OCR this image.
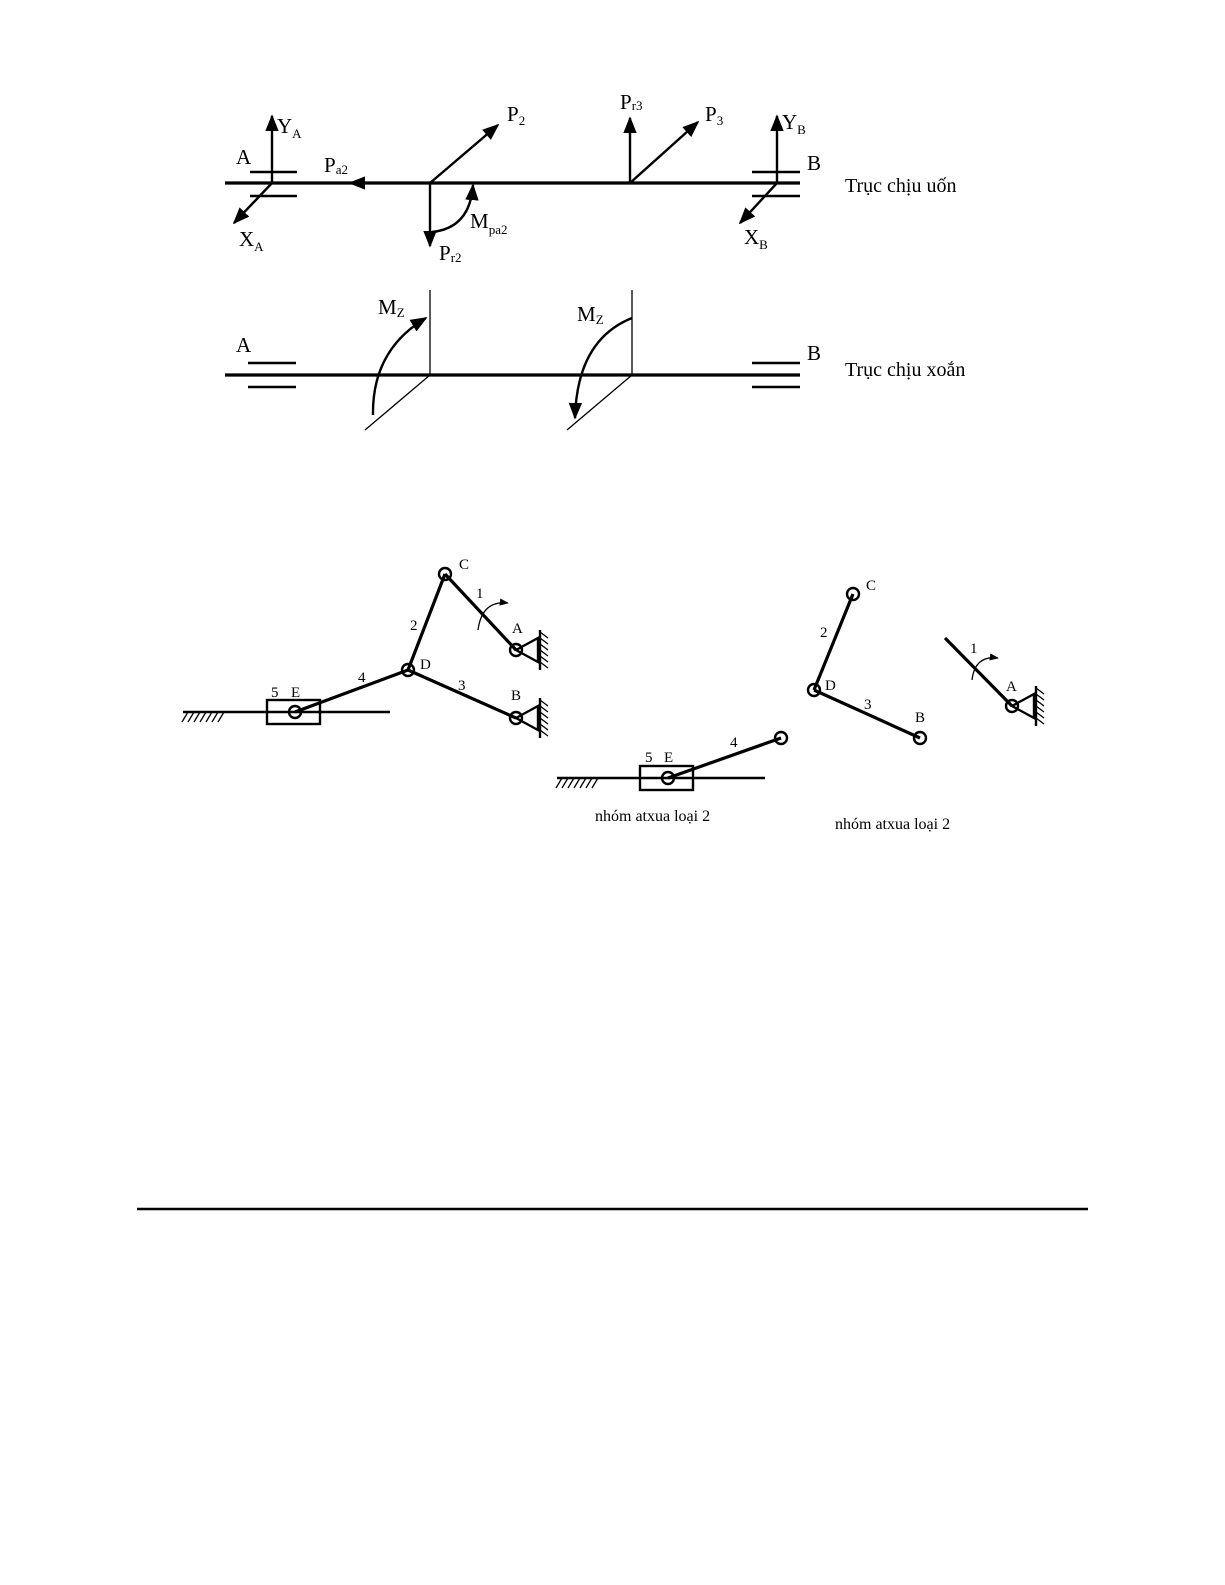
A	B
$Y_A$
$X_A$
Pa2
P2
Pr2
$M_{pa2}$
Pr3	P3	$Y_B$
$X_B$
Trục chịu uốn
A	B
MZ	MZ
Trục chịu xoắn
C
D
A
B
E
5
4
2
1
3
5 E
4
nhóm atxua loại 2
C
2
D
3
B
nhóm atxua loại 2
1
A
